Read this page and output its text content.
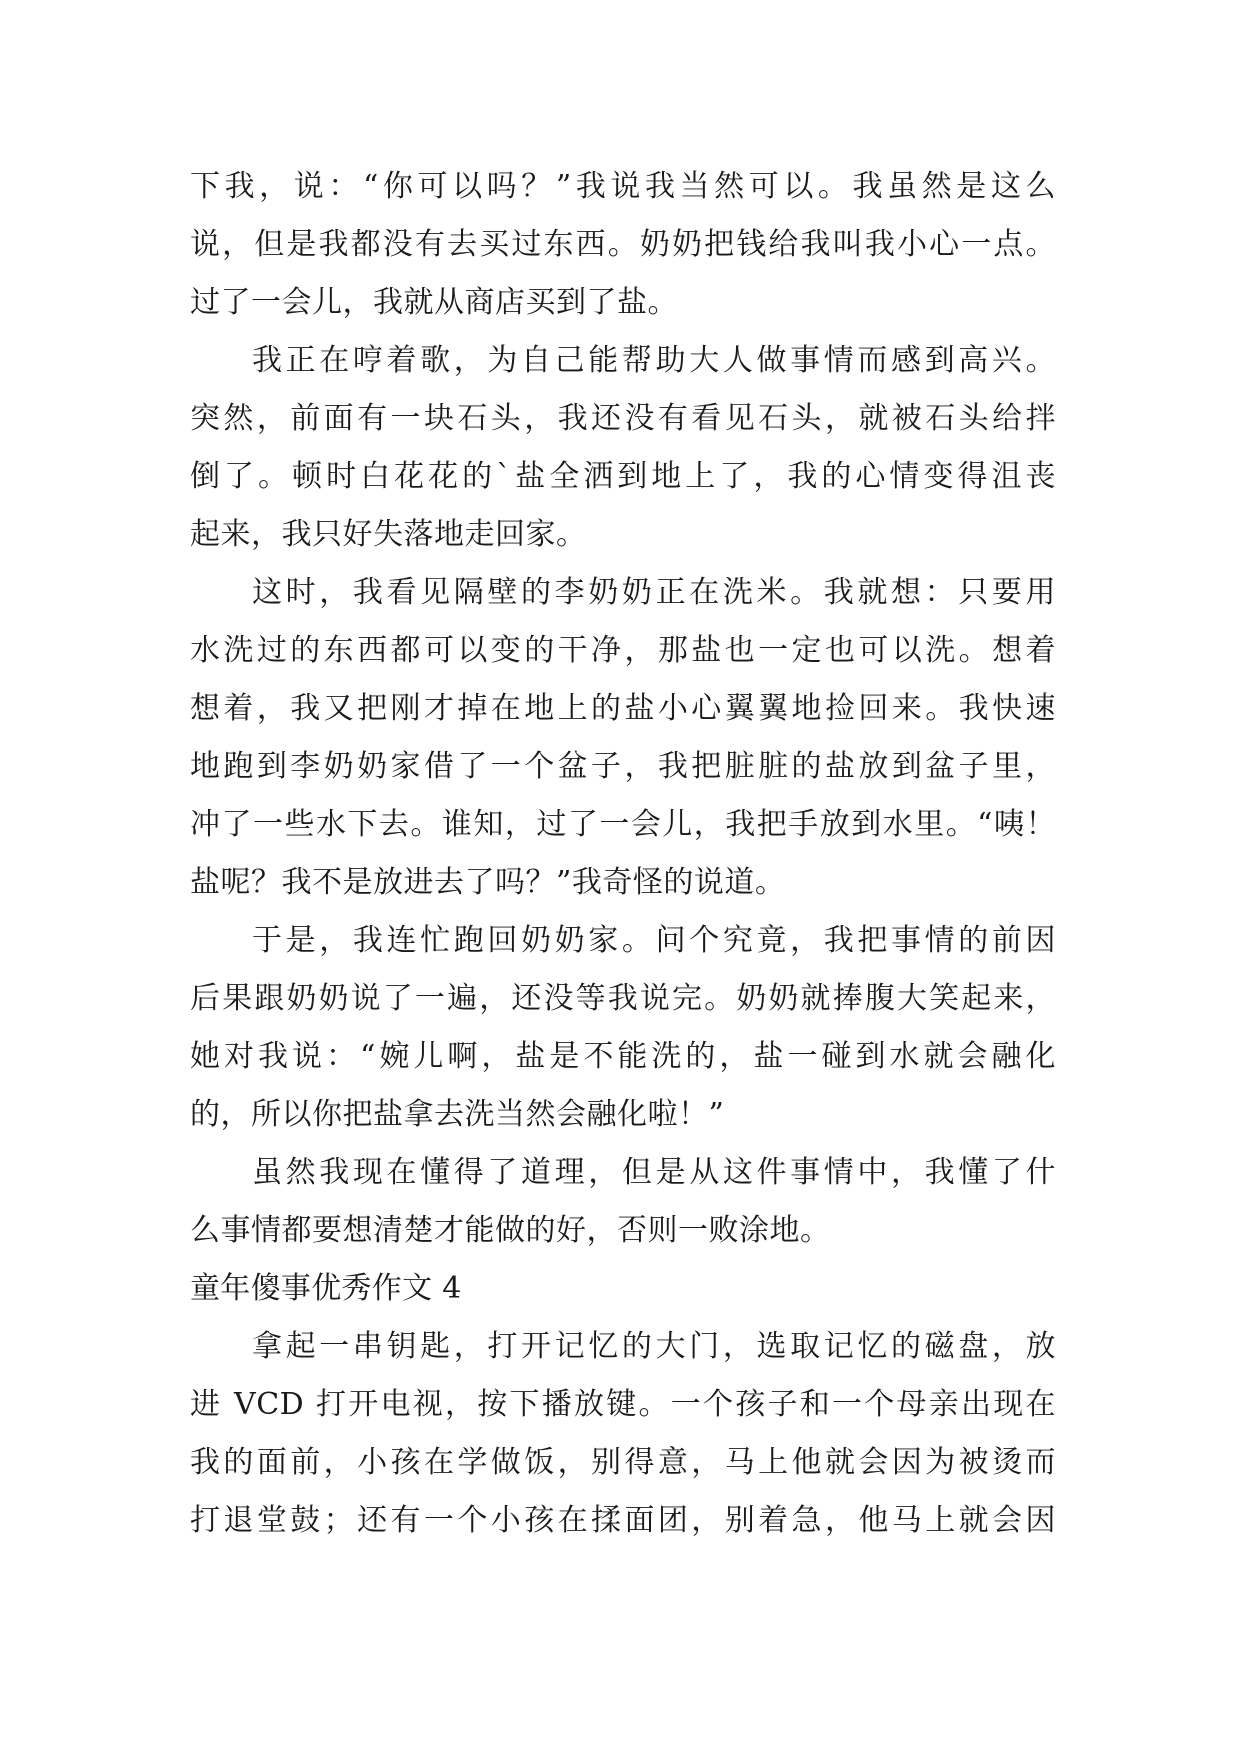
下我，说：“你可以吗？”我说我当然可以。我虽然是这么
说，但是我都没有去买过东西。奶奶把钱给我叫我小心一点。
过了一会儿，我就从商店买到了盐。
我正在哼着歌，为自己能帮助大人做事情而感到高兴。
突然，前面有一块石头，我还没有看见石头，就被石头给拌
倒了。顿时白花花的`盐全洒到地上了，我的心情变得沮丧
起来，我只好失落地走回家。
这时，我看见隔壁的李奶奶正在洗米。我就想：只要用
水洗过的东西都可以变的干净，那盐也一定也可以洗。想着
想着，我又把刚才掉在地上的盐小心翼翼地捡回来。我快速
地跑到李奶奶家借了一个盆子，我把脏脏的盐放到盆子里，
冲了一些水下去。谁知，过了一会儿，我把手放到水里。“咦！
盐呢？我不是放进去了吗？”我奇怪的说道。
于是，我连忙跑回奶奶家。问个究竟，我把事情的前因
后果跟奶奶说了一遍，还没等我说完。奶奶就捧腹大笑起来，
她对我说：“婉儿啊，盐是不能洗的，盐一碰到水就会融化
的，所以你把盐拿去洗当然会融化啦！”
虽然我现在懂得了道理，但是从这件事情中，我懂了什
么事情都要想清楚才能做的好，否则一败涂地。
童年傻事优秀作文 4
拿起一串钥匙，打开记忆的大门，选取记忆的磁盘，放
进 VCD 打开电视，按下播放键。一个孩子和一个母亲出现在
我的面前，小孩在学做饭，别得意，马上他就会因为被烫而
打退堂鼓；还有一个小孩在揉面团，别着急，他马上就会因
